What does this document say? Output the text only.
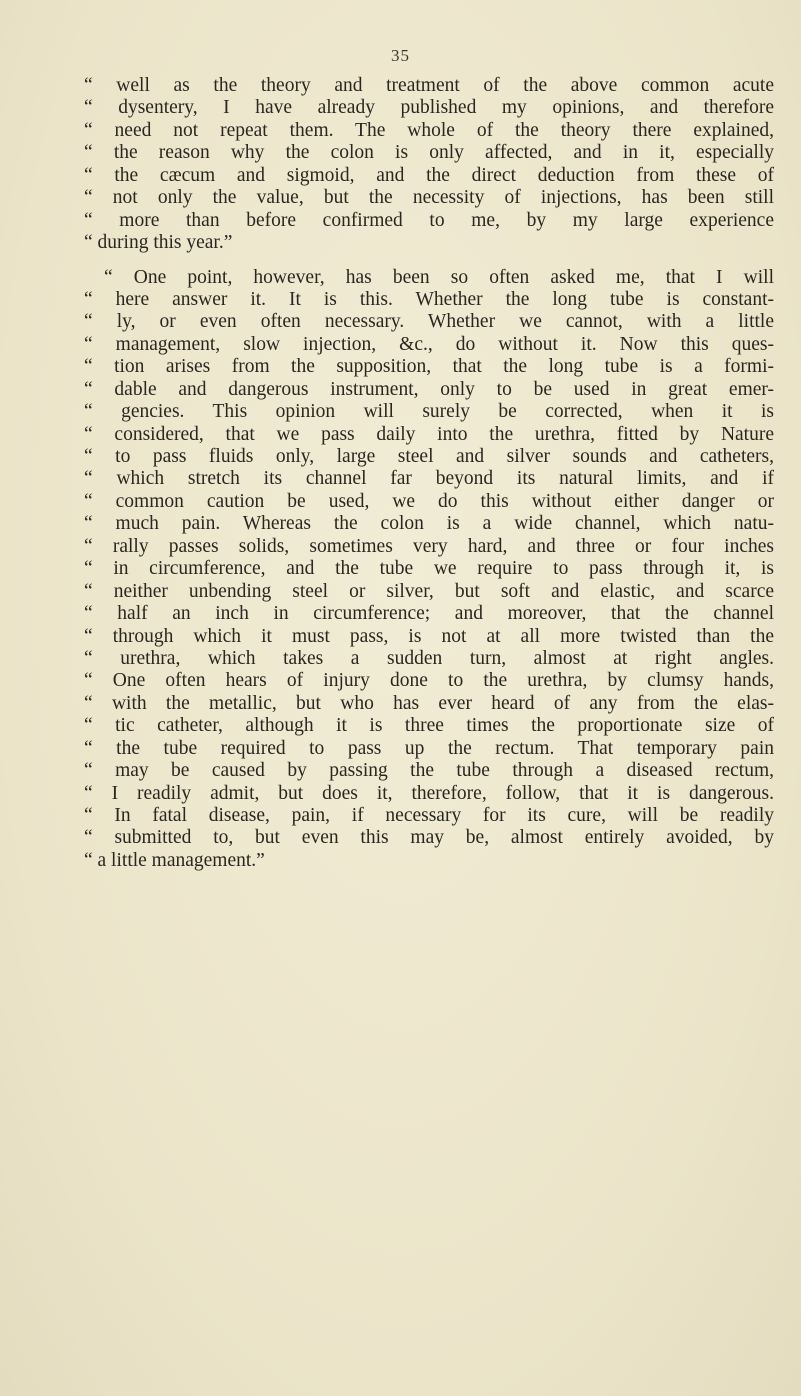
35
“ well as the theory and treatment of the above common acute
“ dysentery, I have already published my opinions, and therefore
“ need not repeat them. The whole of the theory there explained,
“ the reason why the colon is only affected, and in it, especially
“ the cæcum and sigmoid, and the direct deduction from these of
“ not only the value, but the necessity of injections, has been still
“ more than before confirmed to me, by my large experience
“ during this year.”
“ One point, however, has been so often asked me, that I will
“ here answer it. It is this. Whether the long tube is constant-
“ ly, or even often necessary. Whether we cannot, with a little
“ management, slow injection, &c., do without it. Now this ques-
“ tion arises from the supposition, that the long tube is a formi-
“ dable and dangerous instrument, only to be used in great emer-
“ gencies. This opinion will surely be corrected, when it is
“ considered, that we pass daily into the urethra, fitted by Nature
“ to pass fluids only, large steel and silver sounds and catheters,
“ which stretch its channel far beyond its natural limits, and if
“ common caution be used, we do this without either danger or
“ much pain. Whereas the colon is a wide channel, which natu-
“ rally passes solids, sometimes very hard, and three or four inches
“ in circumference, and the tube we require to pass through it, is
“ neither unbending steel or silver, but soft and elastic, and scarce
“ half an inch in circumference; and moreover, that the channel
“ through which it must pass, is not at all more twisted than the
“ urethra, which takes a sudden turn, almost at right angles.
“ One often hears of injury done to the urethra, by clumsy hands,
“ with the metallic, but who has ever heard of any from the elas-
“ tic catheter, although it is three times the proportionate size of
“ the tube required to pass up the rectum. That temporary pain
“ may be caused by passing the tube through a diseased rectum,
“ I readily admit, but does it, therefore, follow, that it is dangerous.
“ In fatal disease, pain, if necessary for its cure, will be readily
“ submitted to, but even this may be, almost entirely avoided, by
“ a little management.”
